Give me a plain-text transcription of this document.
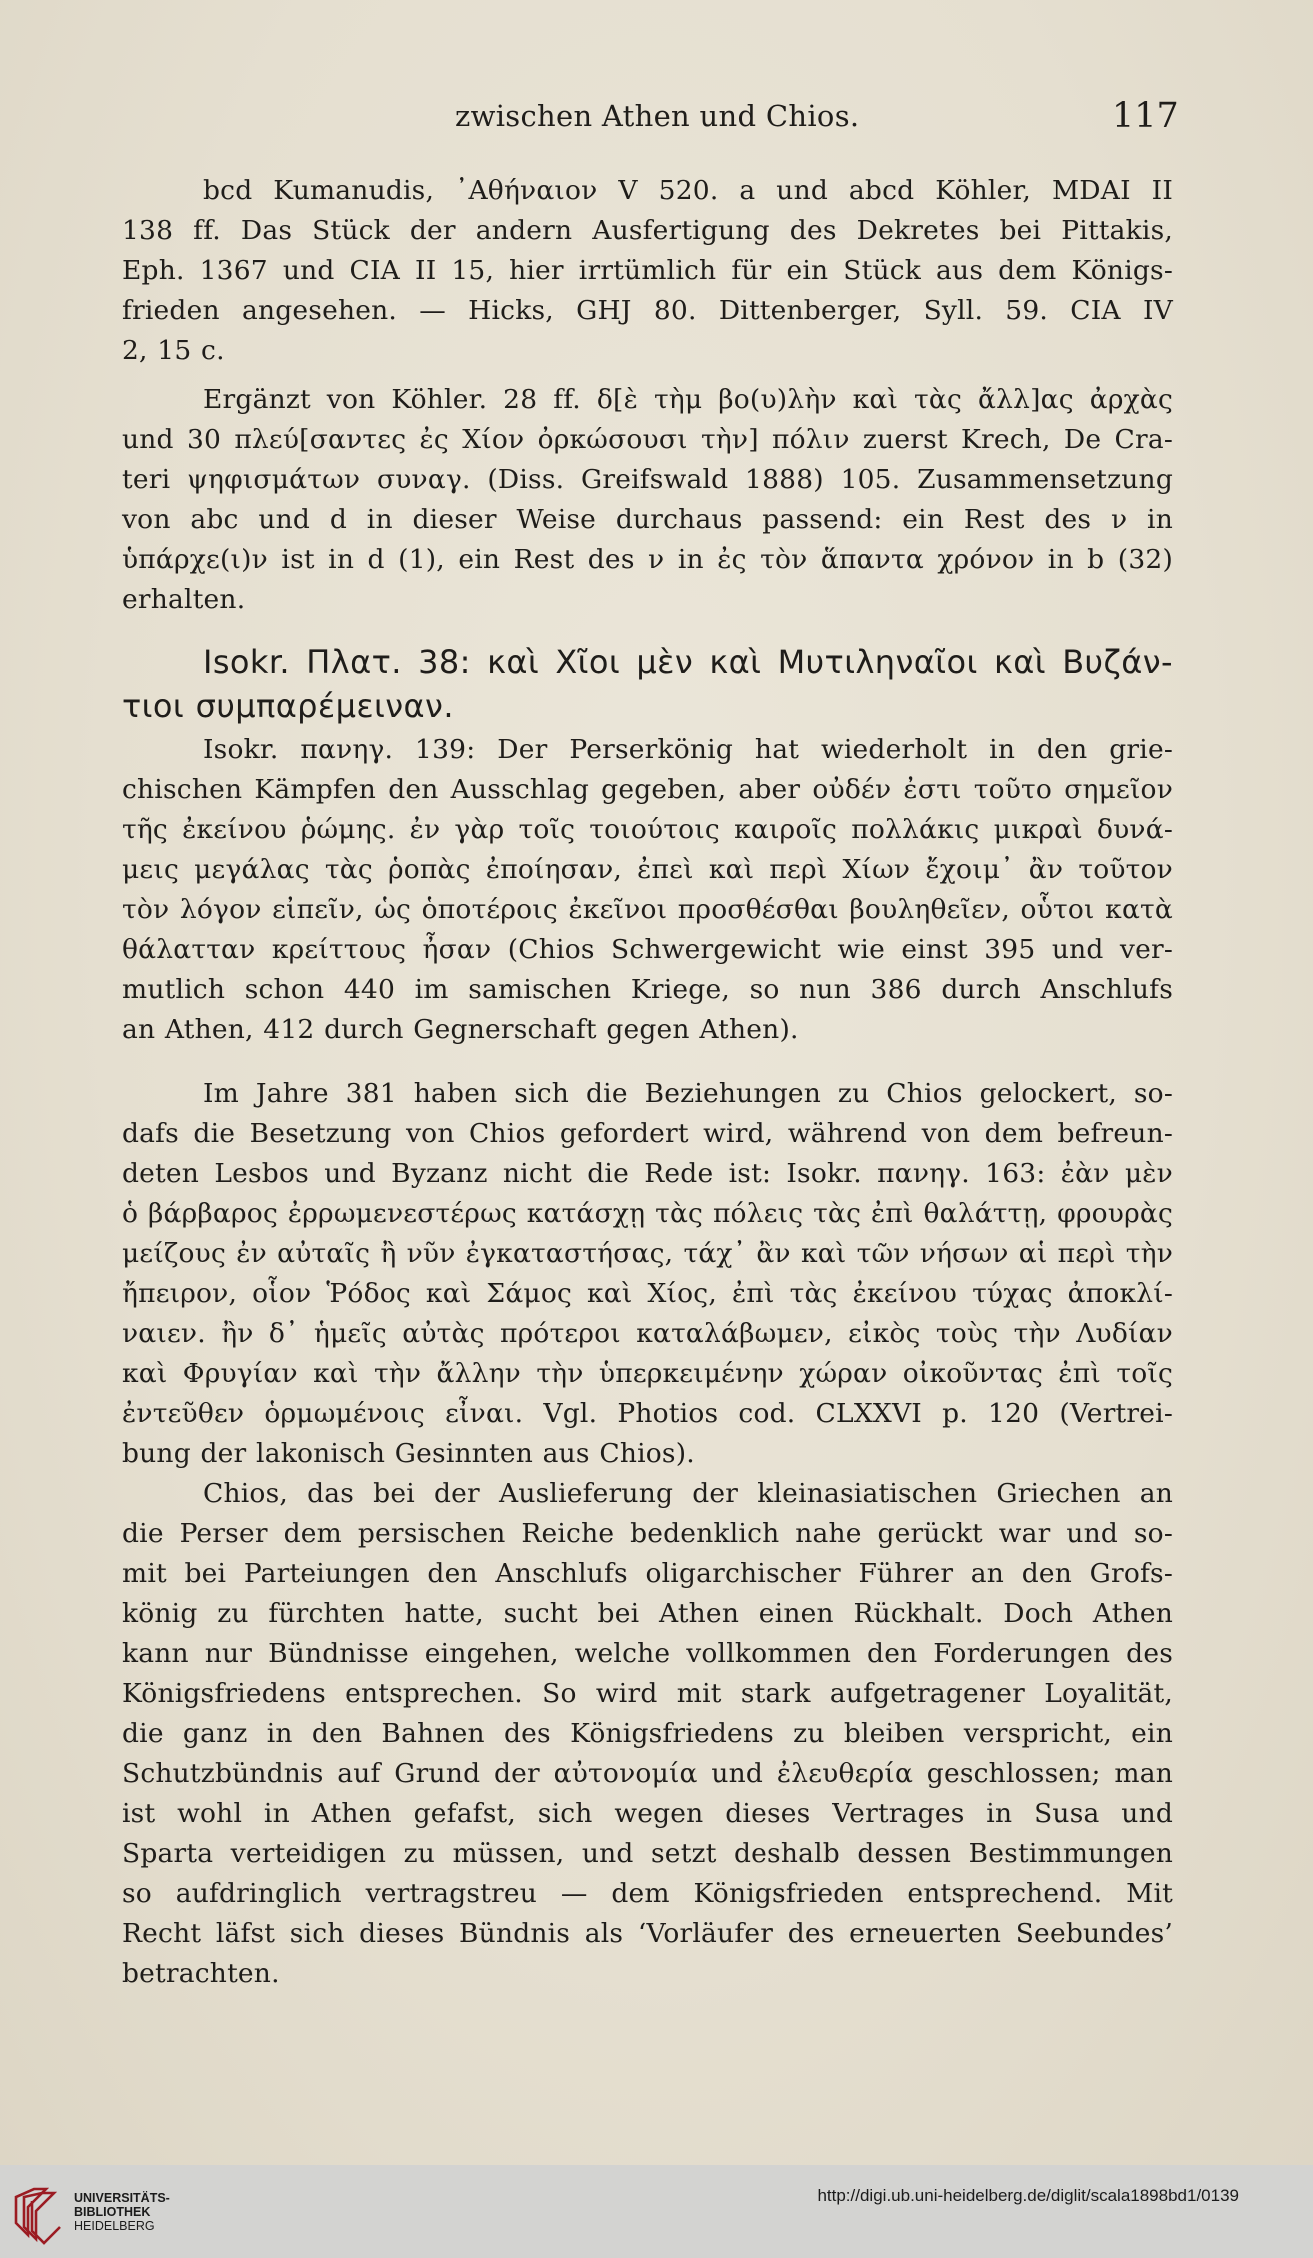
zwischen Athen und Chios.	117
bcd Kumanudis, ᾿Αθήναιον V 520. a und abcd Köhler, MDAI II
138 ff. Das Stück der andern Ausfertigung des Dekretes bei Pittakis,
Eph. 1367 und CIA II 15, hier irrtümlich für ein Stück aus dem Königs-
frieden angesehen. — Hicks, GHJ 80. Dittenberger, Syll. 59. CIA IV
2, 15 c.
Ergänzt von Köhler. 28 ff. δ[ὲ τὴμ βο(υ)λὴν καὶ τὰς ἄλλ]ας ἀρχὰς
und 30 πλεύ[σαντες ἐς Χίον ὀρκώσουσι τὴν] πόλιν zuerst Krech, De Cra-
teri ψηφισμάτων συναγ. (Diss. Greifswald 1888) 105. Zusammensetzung
von abc und d in dieser Weise durchaus passend: ein Rest des ν in
ὑπάρχε(ι)ν ist in d (1), ein Rest des ν in ἐς τὸν ἅπαντα χρόνον in b (32)
erhalten.
Isokr. Πλατ. 38: καὶ Χῖοι μὲν καὶ Μυτιληναῖοι καὶ Βυζάν-
τιοι συμπαρέμειναν.
Isokr. πανηγ. 139: Der Perserkönig hat wiederholt in den grie-
chischen Kämpfen den Ausschlag gegeben, aber οὐδέν ἐστι τοῦτο σημεῖον
τῆς ἐκείνου ῥώμης. ἐν γὰρ τοῖς τοιούτοις καιροῖς πολλάκις μικραὶ δυνά-
μεις μεγάλας τὰς ῥοπὰς ἐποίησαν, ἐπεὶ καὶ περὶ Χίων ἔχοιμ᾽ ἂν τοῦτον
τὸν λόγον εἰπεῖν, ὡς ὁποτέροις ἐκεῖνοι προσθέσθαι βουληθεῖεν, οὗτοι κατὰ
θάλατταν κρείττους ἦσαν (Chios Schwergewicht wie einst 395 und ver-
mutlich schon 440 im samischen Kriege, so nun 386 durch Anschlufs
an Athen, 412 durch Gegnerschaft gegen Athen).
Im Jahre 381 haben sich die Beziehungen zu Chios gelockert, so-
dafs die Besetzung von Chios gefordert wird, während von dem befreun-
deten Lesbos und Byzanz nicht die Rede ist: Isokr. πανηγ. 163: ἐὰν μὲν
ὁ βάρβαρος ἐρρωμενεστέρως κατάσχῃ τὰς πόλεις τὰς ἐπὶ θαλάττῃ, φρουρὰς
μείζους ἐν αὐταῖς ἢ νῦν ἐγκαταστήσας, τάχ᾽ ἂν καὶ τῶν νήσων αἱ περὶ τὴν
ἤπειρον, οἷον Ῥόδος καὶ Σάμος καὶ Χίος, ἐπὶ τὰς ἐκείνου τύχας ἀποκλί-
ναιεν. ἢν δ᾽ ἡμεῖς αὐτὰς πρότεροι καταλάβωμεν, εἰκὸς τοὺς τὴν Λυδίαν
καὶ Φρυγίαν καὶ τὴν ἄλλην τὴν ὑπερκειμένην χώραν οἰκοῦντας ἐπὶ τοῖς
ἐντεῦθεν ὁρμωμένοις εἶναι. Vgl. Photios cod. CLXXVI p. 120 (Vertrei-
bung der lakonisch Gesinnten aus Chios).
Chios, das bei der Auslieferung der kleinasiatischen Griechen an
die Perser dem persischen Reiche bedenklich nahe gerückt war und so-
mit bei Parteiungen den Anschlufs oligarchischer Führer an den Grofs-
könig zu fürchten hatte, sucht bei Athen einen Rückhalt. Doch Athen
kann nur Bündnisse eingehen, welche vollkommen den Forderungen des
Königsfriedens entsprechen. So wird mit stark aufgetragener Loyalität,
die ganz in den Bahnen des Königsfriedens zu bleiben verspricht, ein
Schutzbündnis auf Grund der αὐτονομία und ἐλευθερία geschlossen; man
ist wohl in Athen gefafst, sich wegen dieses Vertrages in Susa und
Sparta verteidigen zu müssen, und setzt deshalb dessen Bestimmungen
so aufdringlich vertragstreu — dem Königsfrieden entsprechend. Mit
Recht läfst sich dieses Bündnis als ‘Vorläufer des erneuerten Seebundes’
betrachten.
UNIVERSITÄTS-
BIBLIOTHEK
HEIDELBERG
http://digi.ub.uni-heidelberg.de/diglit/scala1898bd1/0139
